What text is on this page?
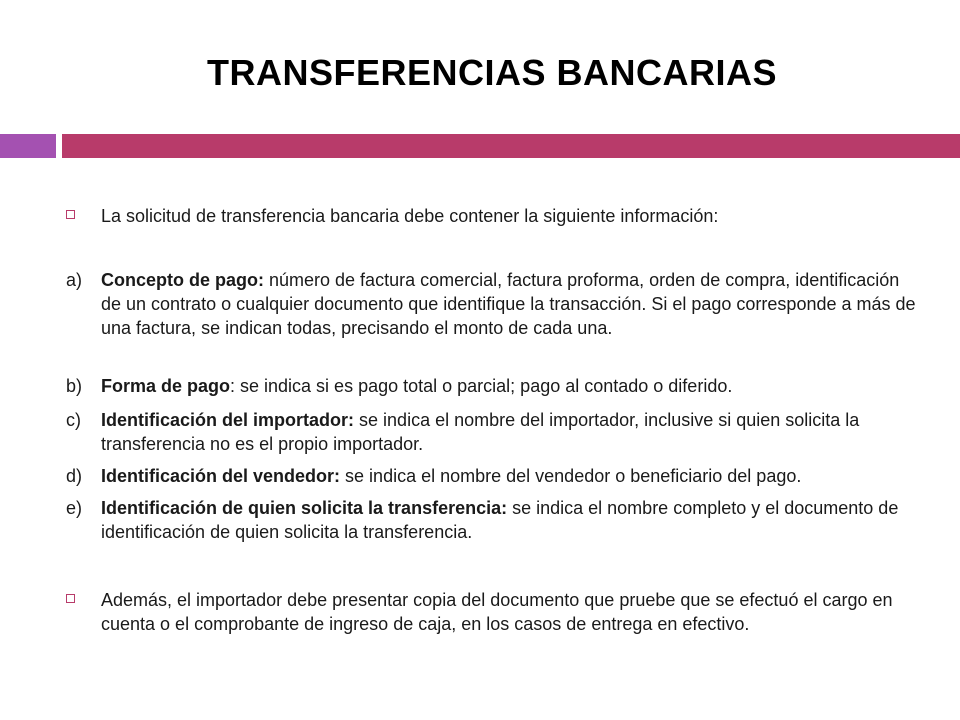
TRANSFERENCIAS BANCARIAS
La solicitud de transferencia bancaria debe contener la siguiente información:
a) Concepto de pago: número de factura comercial, factura proforma, orden de compra, identificación de un contrato o cualquier documento que identifique la transacción. Si el pago corresponde a más de una factura, se indican todas, precisando el monto de cada una.
b) Forma de pago: se indica si es pago total o parcial; pago al contado o diferido.
c) Identificación del importador: se indica el nombre del importador, inclusive si quien solicita la transferencia no es el propio importador.
d) Identificación del vendedor: se indica el nombre del vendedor o beneficiario del pago.
e) Identificación de quien solicita la transferencia: se indica el nombre completo y el documento de identificación de quien solicita la transferencia.
Además, el importador debe presentar copia del documento que pruebe que se efectuó el cargo en cuenta o el comprobante de ingreso de caja, en los casos de entrega en efectivo.
